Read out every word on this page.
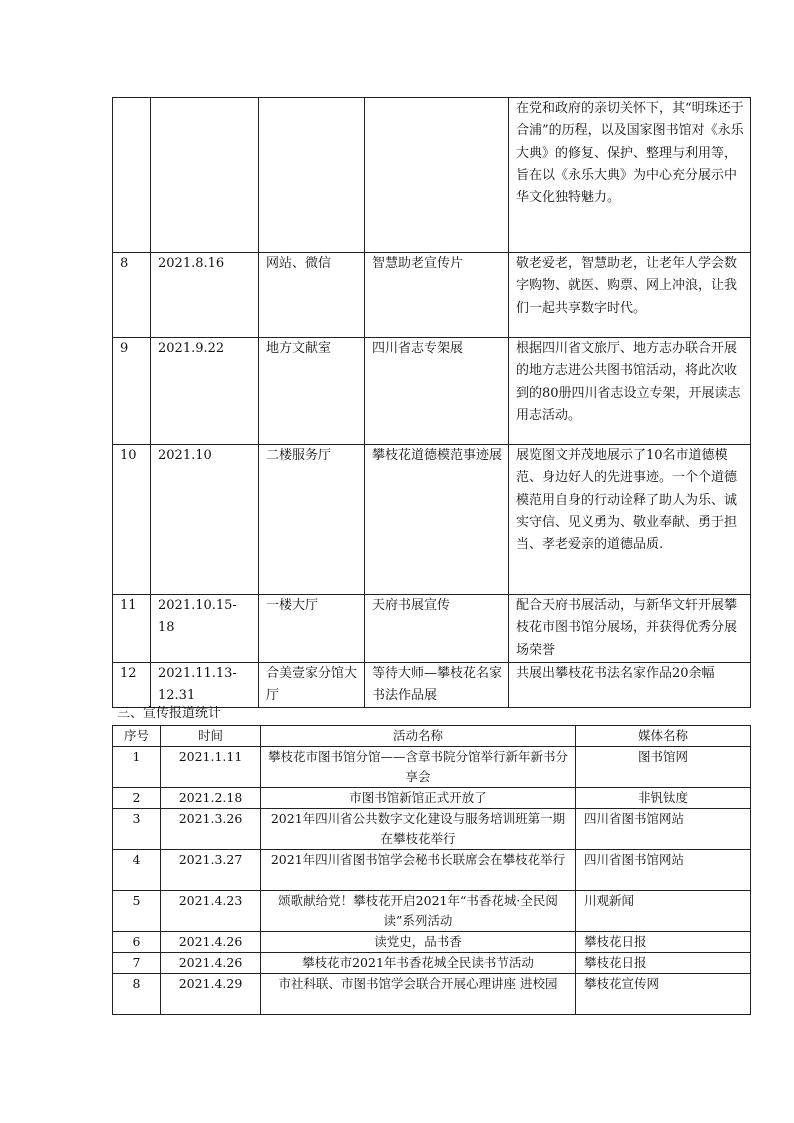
				在党和政府的亲切关怀下，其“明珠还于合浦”的历程，以及国家图书馆对《永乐大典》的修复、保护、整理与利用等，旨在以《永乐大典》为中心充分展示中华文化独特魅力。
8	2021.8.16	网站、微信	智慧助老宣传片	敬老爱老，智慧助老，让老年人学会数字购物、就医、购票、网上冲浪，让我们一起共享数字时代。
9	2021.9.22	地方文献室	四川省志专架展	根据四川省文旅厅、地方志办联合开展的地方志进公共图书馆活动，将此次收到的80册四川省志设立专架，开展读志用志活动。
10	2021.10	二楼服务厅	攀枝花道德模范事迹展	展览图文并茂地展示了10名市道德模范、身边好人的先进事迹。一个个道德模范用自身的行动诠释了助人为乐、诚实守信、见义勇为、敬业奉献、勇于担当、孝老爱亲的道德品质.
11	2021.10.15-18	一楼大厅	天府书展宣传	配合天府书展活动，与新华文轩开展攀枝花市图书馆分展场，并获得优秀分展场荣誉
12	2021.11.13-12.31	合美壹家分馆大厅	等待大师—攀枝花名家书法作品展	共展出攀枝花书法名家作品20余幅
三、宣传报道统计
序号	时间	活动名称	媒体名称
1	2021.1.11	攀枝花市图书馆分馆——含章书院分馆举行新年新书分享会	图书馆网
2	2021.2.18	市图书馆新馆正式开放了	非钒钛度
3	2021.3.26	2021年四川省公共数字文化建设与服务培训班第一期在攀枝花举行	四川省图书馆网站
4	2021.3.27	2021年四川省图书馆学会秘书长联席会在攀枝花举行	四川省图书馆网站
5	2021.4.23	颂歌献给党！攀枝花开启2021年“书香花城·全民阅读”系列活动	川观新闻
6	2021.4.26	读党史，品书香	攀枝花日报
7	2021.4.26	攀枝花市2021年书香花城全民读书节活动	攀枝花日报
8	2021.4.29	市社科联、市图书馆学会联合开展心理讲座 进校园	攀枝花宣传网
